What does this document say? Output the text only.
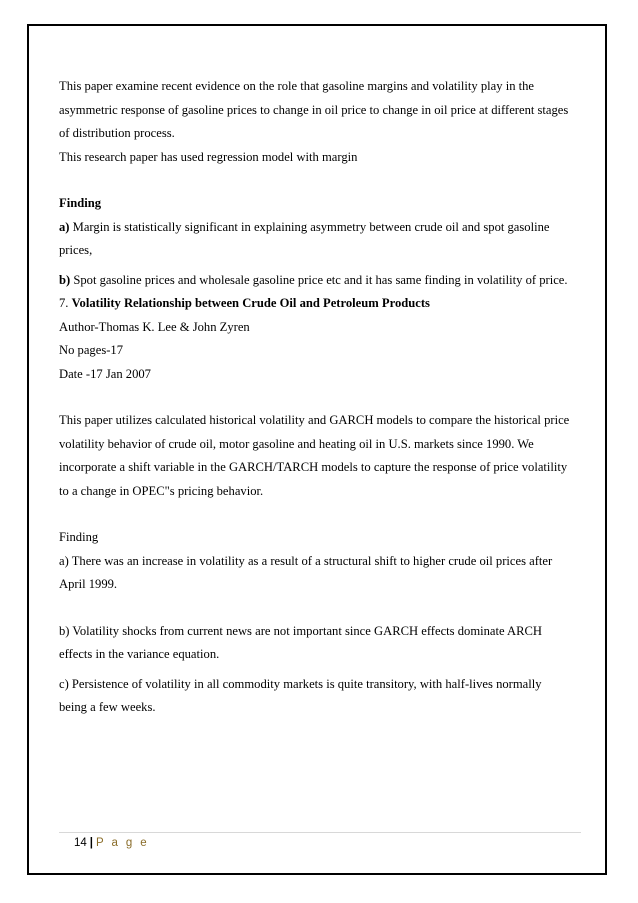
This paper examine recent evidence on the role that gasoline margins and volatility play in the

asymmetric response of gasoline prices to change in oil price to change in oil price at different stages

of distribution process.

This research paper has used regression model with margin

Finding

a) Margin is statistically significant in explaining asymmetry between crude oil and spot gasoline

prices,

b) Spot gasoline prices and wholesale gasoline price etc and it has same finding in volatility of price.

7. Volatility Relationship between Crude Oil and Petroleum Products

Author-Thomas K. Lee & John Zyren

No pages-17

Date -17 Jan 2007

This paper utilizes calculated historical volatility and GARCH models to compare the historical price

volatility behavior of crude oil, motor gasoline and heating oil in U.S. markets since 1990. We

incorporate a shift variable in the GARCH/TARCH models to capture the response of price volatility

to a change in OPEC"s pricing behavior.

Finding

a) There was an increase in volatility as a result of a structural shift to higher crude oil prices after

April 1999.

b) Volatility shocks from current news are not important since GARCH effects dominate ARCH

effects in the variance equation.

c) Persistence of volatility in all commodity markets is quite transitory, with half-lives normally

being a few weeks.

14 | P a g e
